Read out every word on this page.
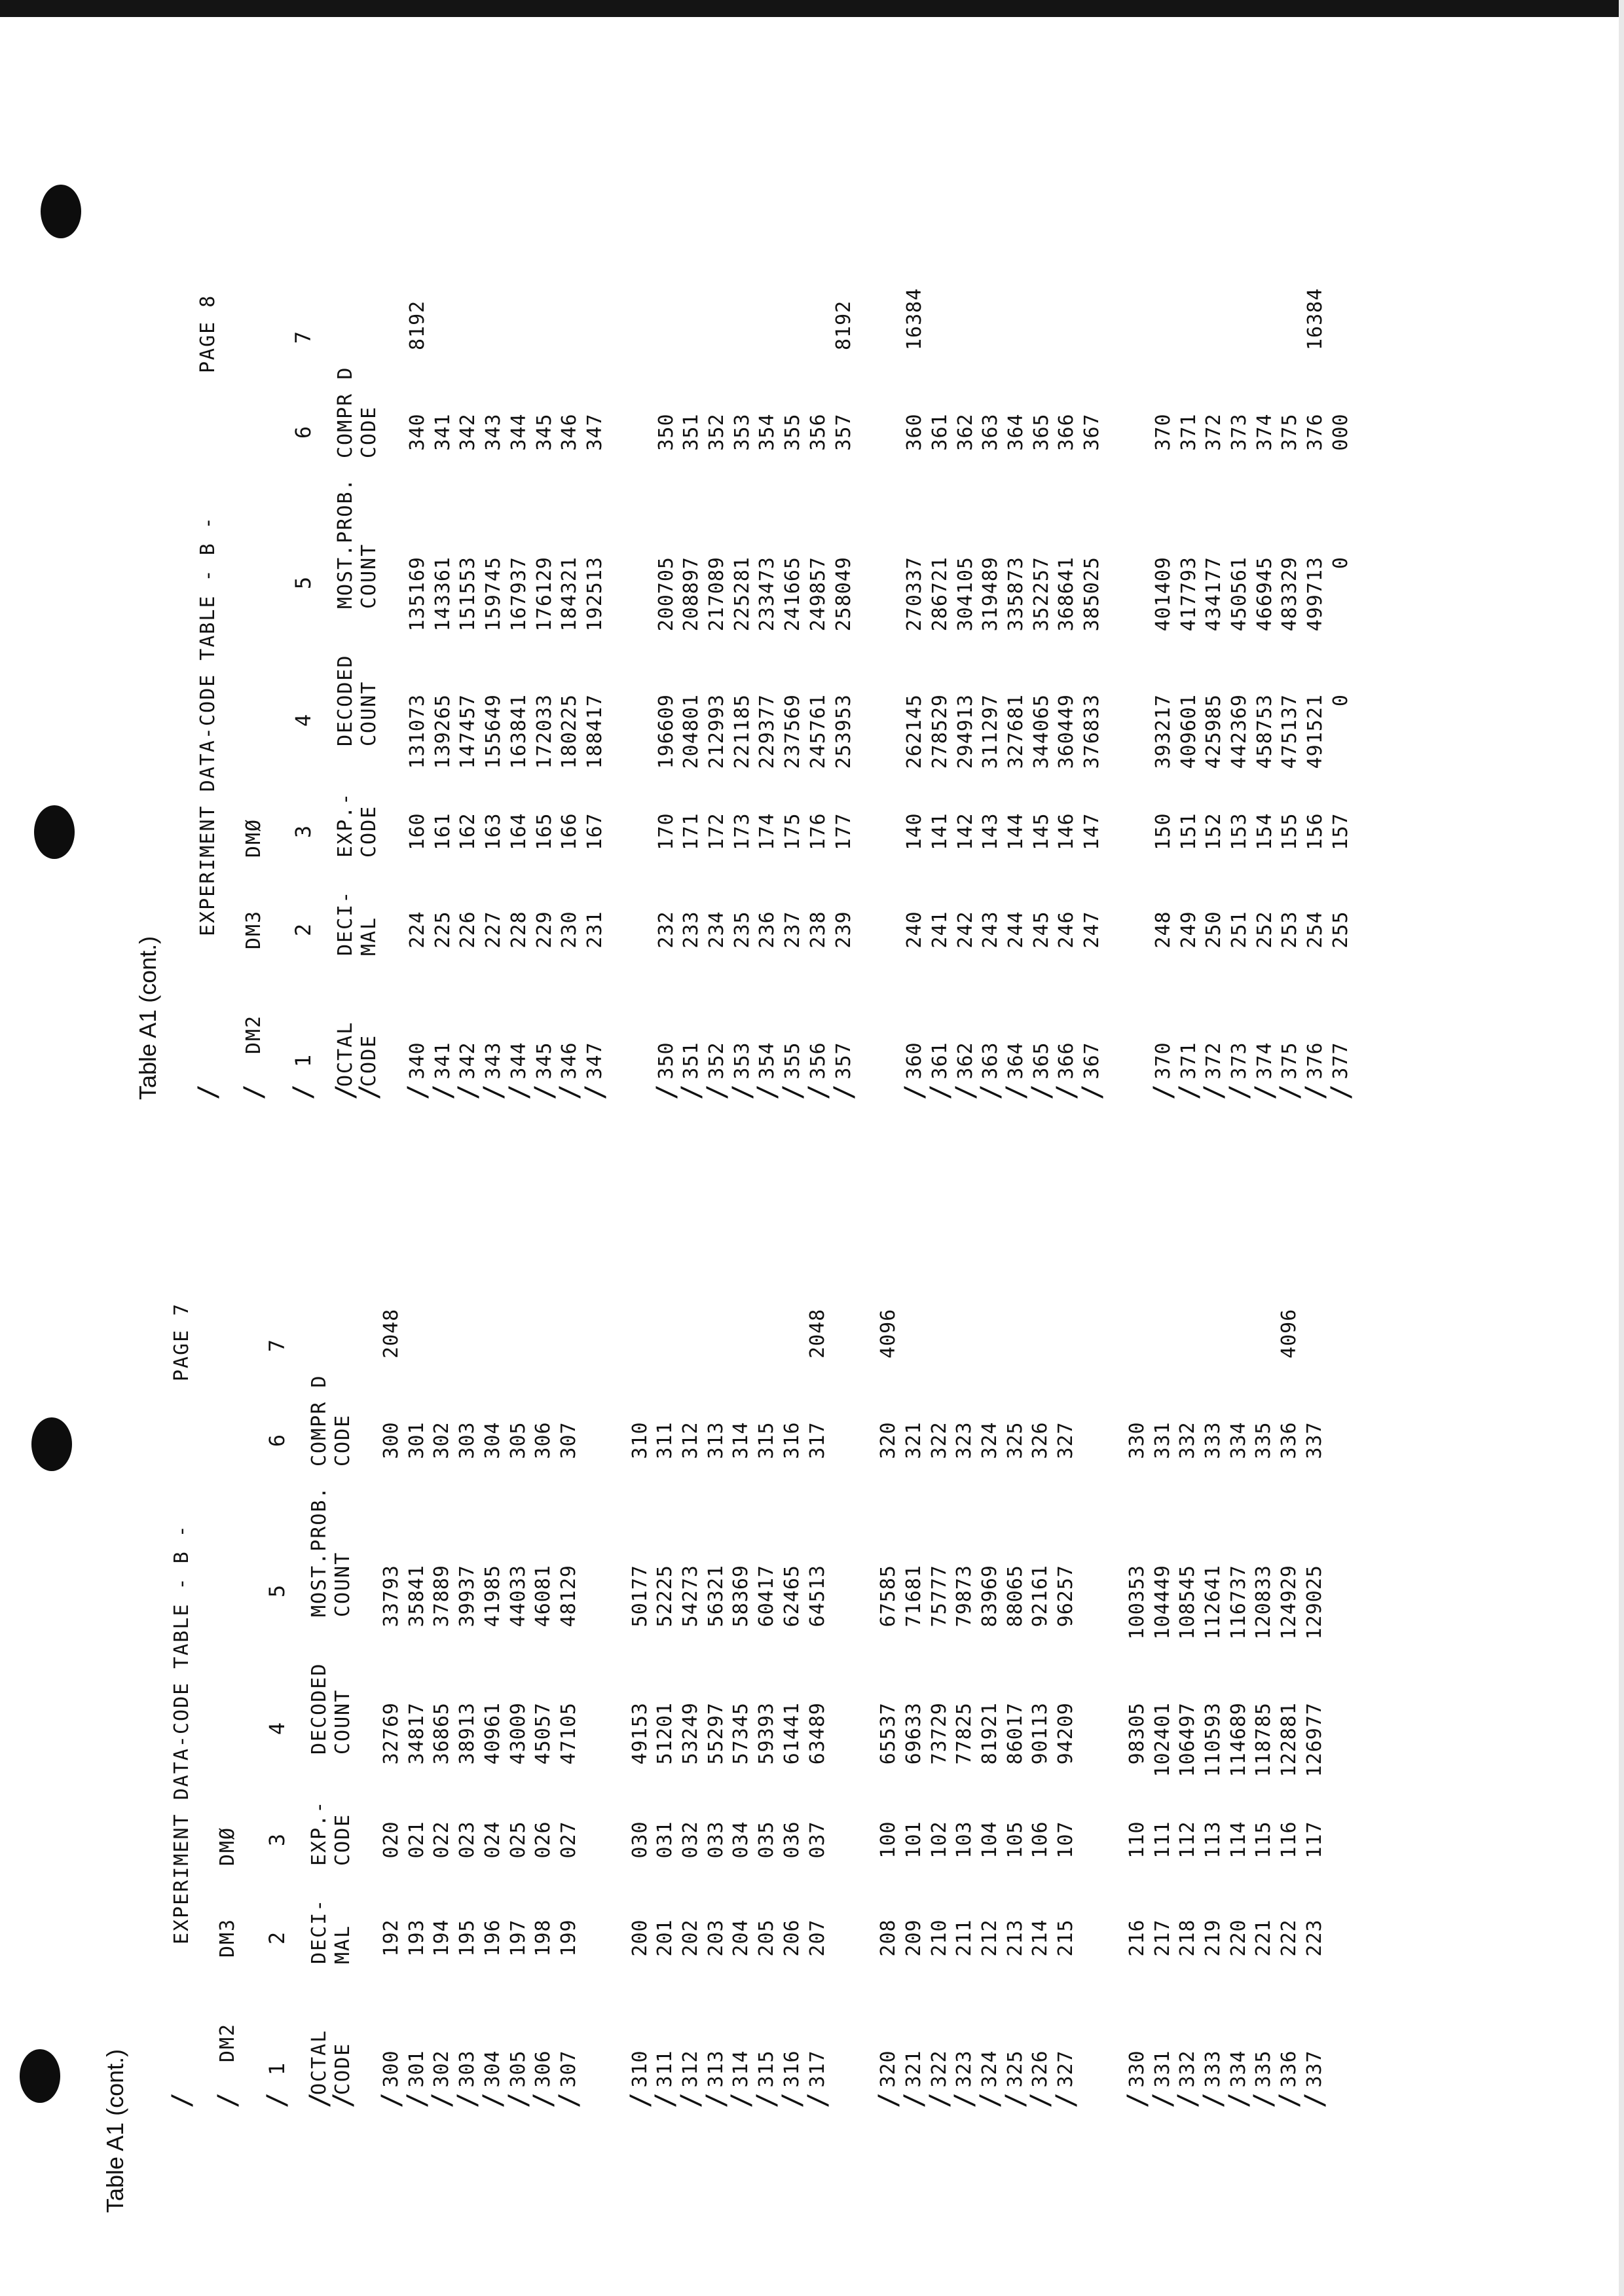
Table A1 (cont.)
EXPERIMENT DATA-CODE TABLE - B -
PAGE 7
/
DM2
DM3
DMØ
/
1
2
3
4
5
6
7
/
OCTAL CODE
DECI- MAL
EXP.- CODE
DECODED COUNT
MOST.PROB. COUNT
COMPR D CODE
/
/ /
300
192
020
32769
33793
300
/
301
193
021
34817
35841
301
/
302
194
022
36865
37889
302
/
303
195
023
38913
39937
303
/
304
196
024
40961
41985
304
/
305
197
025
43009
44033
305
/
306
198
026
45057
46081
306
/
307
199
027
47105
48129
307
2048
/
310
200
030
49153
50177
310
/
311
201
031
51201
52225
311
/
312
202
032
53249
54273
312
/
313
203
033
55297
56321
313
/
314
204
034
57345
58369
314
/
315
205
035
59393
60417
315
/
316
206
036
61441
62465
316
/
317
207
037
63489
64513
317
2048
/
320
208
100
65537
67585
320
/
321
209
101
69633
71681
321
/
322
210
102
73729
75777
322
/
323
211
103
77825
79873
323
/
324
212
104
81921
83969
324
/
325
213
105
86017
88065
325
/
326
214
106
90113
92161
326
/
327
215
107
94209
96257
327
4096
/
330
216
110
98305
100353
330
/
331
217
111
102401
104449
331
/
332
218
112
106497
108545
332
/
333
219
113
110593
112641
333
/
334
220
114
114689
116737
334
/
335
221
115
118785
120833
335
/
336
222
116
122881
124929
336
/
337
223
117
126977
129025
337
4096
Table A1 (cont.)
EXPERIMENT DATA-CODE TABLE - B -
PAGE 8
/
DM2
DM3
DMØ
/
1
2
3
4
5
6
7
/
OCTAL CODE
DECI- MAL
EXP.- CODE
DECODED COUNT
MOST.PROB. COUNT
COMPR D CODE
/
/ /
340
224
160
131073
135169
340
/
341
225
161
139265
143361
341
/
342
226
162
147457
151553
342
/
343
227
163
155649
159745
343
/
344
228
164
163841
167937
344
/
345
229
165
172033
176129
345
/
346
230
166
180225
184321
346
/
347
231
167
188417
192513
347
8192
/
350
232
170
196609
200705
350
/
351
233
171
204801
208897
351
/
352
234
172
212993
217089
352
/
353
235
173
221185
225281
353
/
354
236
174
229377
233473
354
/
355
237
175
237569
241665
355
/
356
238
176
245761
249857
356
/
357
239
177
253953
258049
357
8192
/
360
240
140
262145
270337
360
/
361
241
141
278529
286721
361
/
362
242
142
294913
304105
362
/
363
243
143
311297
319489
363
/
364
244
144
327681
335873
364
/
365
245
145
344065
352257
365
/
366
246
146
360449
368641
366
/
367
247
147
376833
385025
367
16384
/
370
248
150
393217
401409
370
/
371
249
151
409601
417793
371
/
372
250
152
425985
434177
372
/
373
251
153
442369
450561
373
/
374
252
154
458753
466945
374
/
375
253
155
475137
483329
375
/
376
254
156
491521
499713
376
/
377
255
157
0
0
000
16384
